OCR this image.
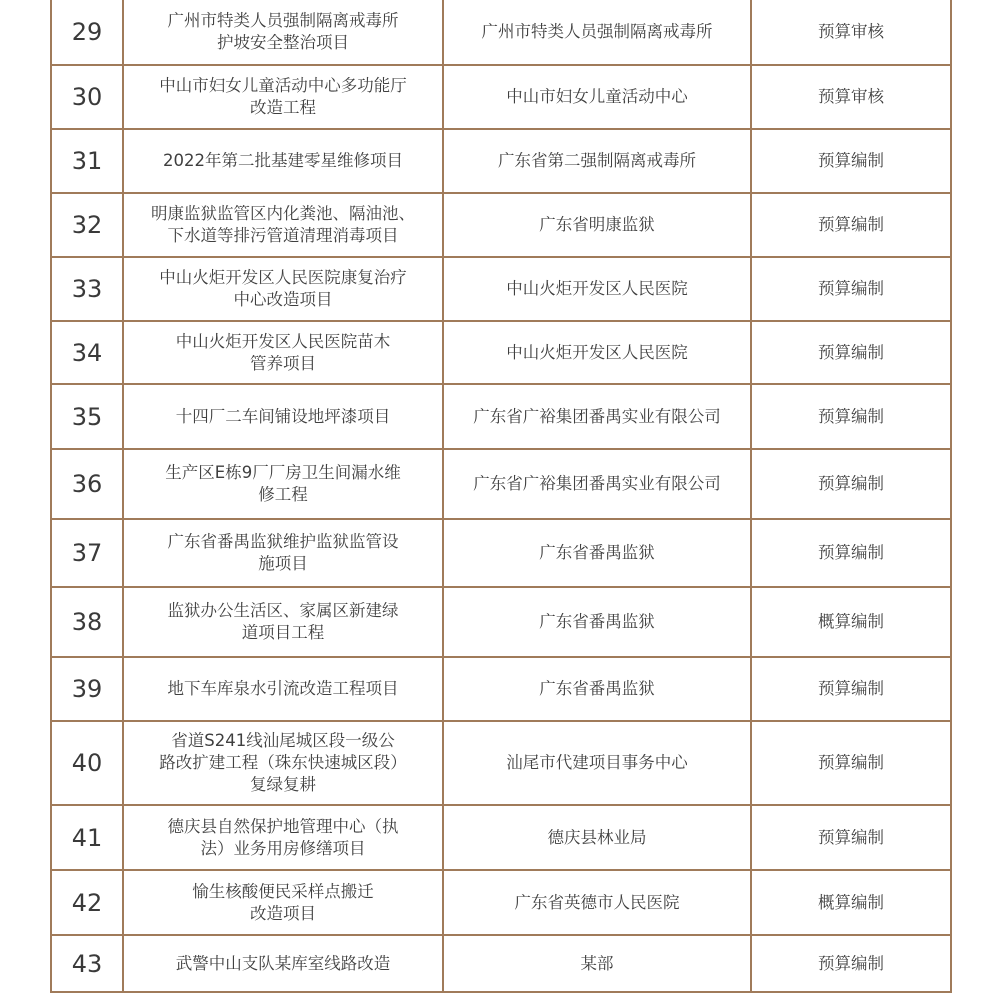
29	广州市特类人员强制隔离戒毒所
护坡安全整治项目	广州市特类人员强制隔离戒毒所	预算审核
30	中山市妇女儿童活动中心多功能厅
改造工程	中山市妇女儿童活动中心	预算审核
31	2022年第二批基建零星维修项目	广东省第二强制隔离戒毒所	预算编制
32	明康监狱监管区内化粪池、隔油池、
下水道等排污管道清理消毒项目	广东省明康监狱	预算编制
33	中山火炬开发区人民医院康复治疗
中心改造项目	中山火炬开发区人民医院	预算编制
34	中山火炬开发区人民医院苗木
管养项目	中山火炬开发区人民医院	预算编制
35	十四厂二车间铺设地坪漆项目	广东省广裕集团番禺实业有限公司	预算编制
36	生产区E栋9厂厂房卫生间漏水维
修工程	广东省广裕集团番禺实业有限公司	预算编制
37	广东省番禺监狱维护监狱监管设
施项目	广东省番禺监狱	预算编制
38	监狱办公生活区、家属区新建绿
道项目工程	广东省番禺监狱	概算编制
39	地下车库泉水引流改造工程项目	广东省番禺监狱	预算编制
40	省道S241线汕尾城区段一级公
路改扩建工程（珠东快速城区段）
复绿复耕	汕尾市代建项目事务中心	预算编制
41	德庆县自然保护地管理中心（执
法）业务用房修缮项目	德庆县林业局	预算编制
42	愉生核酸便民采样点搬迁
改造项目	广东省英德市人民医院	概算编制
43	武警中山支队某库室线路改造	某部	预算编制
